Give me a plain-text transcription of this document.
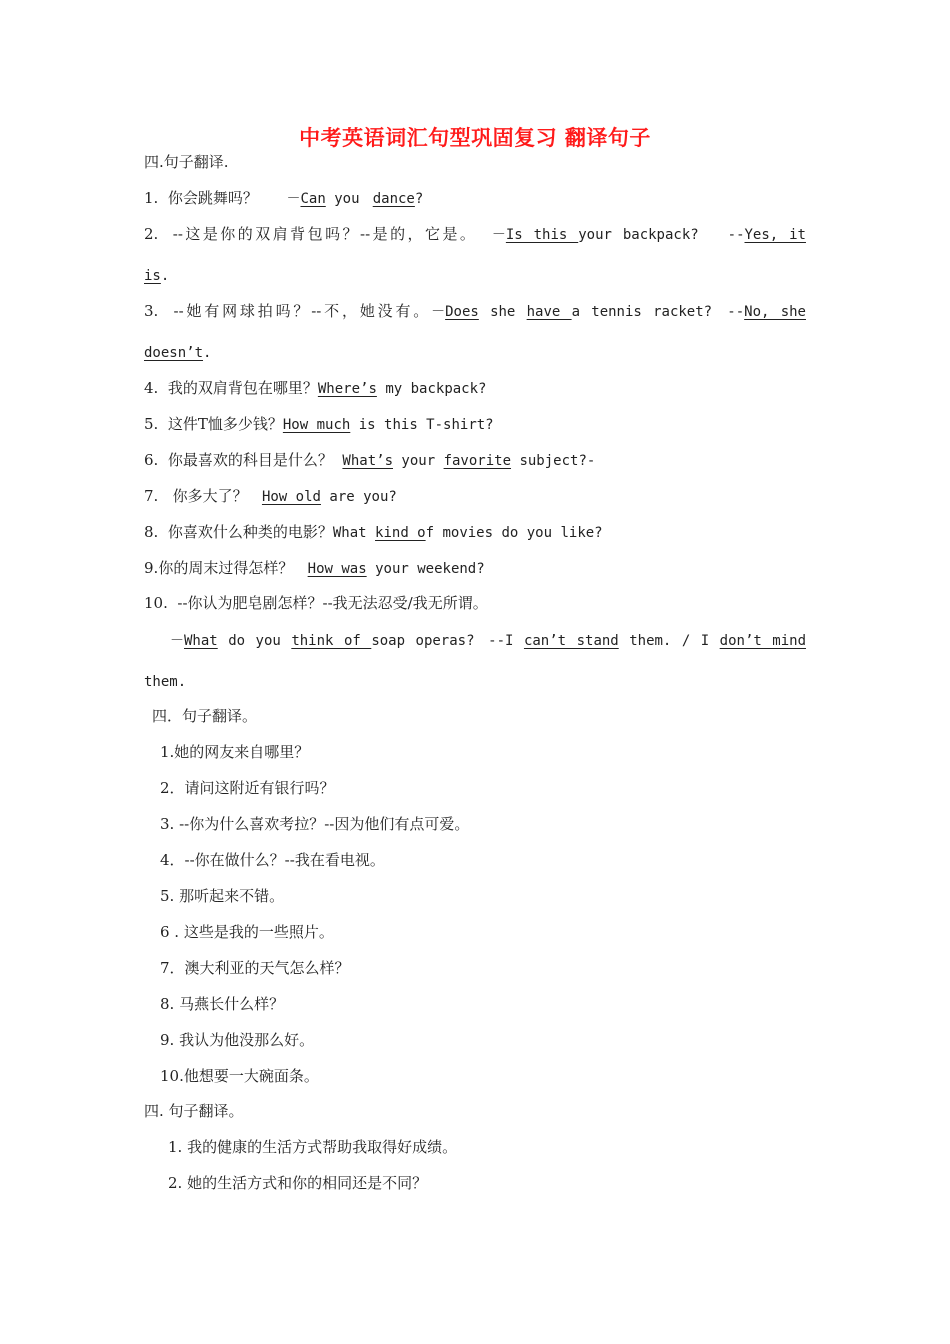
中考英语词汇句型巩固复习 翻译句子
四.句子翻译.
1. 你会跳舞吗？ －Can you  dance?
2. --这是你的双肩背包吗？--是的，它是。 －Is this your backpack? --Yes, it
is.
3. --她有网球拍吗？--不，她没有。－Does she have a tennis racket? --No, she
doesn’t.
4. 我的双肩背包在哪里？Where’s my backpack?
5. 这件T恤多少钱？How much is this T-shirt?
6. 你最喜欢的科目是什么？ What’s your favorite subject?-
7. 你多大了？ How old are you?
8. 你喜欢什么种类的电影？What kind of movies do you like?
9.你的周末过得怎样？ How was your weekend?
10. --你认为肥皂剧怎样？--我无法忍受/我无所谓。
－What do you think of soap operas? --I can’t stand them. / I don’t mind
them.
四．句子翻译。
1.她的网友来自哪里？
2．请问这附近有银行吗？
3. --你为什么喜欢考拉？--因为他们有点可爱。
4．--你在做什么？--我在看电视。
5. 那听起来不错。
6 . 这些是我的一些照片。
7．澳大利亚的天气怎么样？
8. 马燕长什么样？
9. 我认为他没那么好。
10.他想要一大碗面条。
四. 句子翻译。
1. 我的健康的生活方式帮助我取得好成绩。
2. 她的生活方式和你的相同还是不同？
